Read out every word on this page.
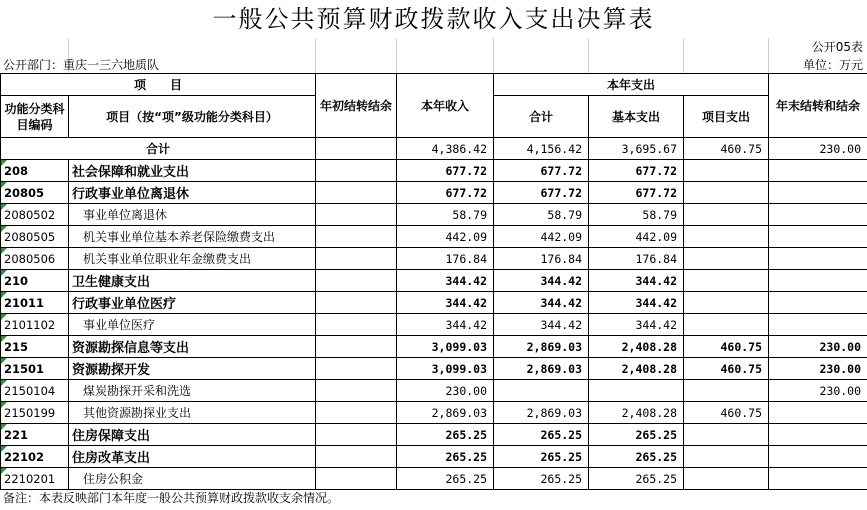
一般公共预算财政拨款收入支出决算表
公开05表
公开部门：重庆一三六地质队	单位：万元
项　　目		年初结转结余	本年收入	本年支出			年末结转和结余
功能分类科目编码	项目（按“项”级功能分类科目）			合计	基本支出	项目支出	
合计			4,386.42	4,156.42	3,695.67	460.75	230.00

208	社会保障和就业支出		677.72	677.72	677.72		

20805	行政事业单位离退休		677.72	677.72	677.72		

2080502	事业单位离退休		58.79	58.79	58.79		

2080505	机关事业单位基本养老保险缴费支出		442.09	442.09	442.09		

2080506	机关事业单位职业年金缴费支出		176.84	176.84	176.84		

210	卫生健康支出		344.42	344.42	344.42		

21011	行政事业单位医疗		344.42	344.42	344.42		

2101102	事业单位医疗		344.42	344.42	344.42		

215	资源勘探信息等支出		3,099.03	2,869.03	2,408.28	460.75	230.00

21501	资源勘探开发		3,099.03	2,869.03	2,408.28	460.75	230.00

2150104	煤炭勘探开采和洗选		230.00				230.00

2150199	其他资源勘探业支出		2,869.03	2,869.03	2,408.28	460.75	

221	住房保障支出		265.25	265.25	265.25		

22102	住房改革支出		265.25	265.25	265.25		

2210201	住房公积金		265.25	265.25	265.25		
备注：本表反映部门本年度一般公共预算财政拨款收支余情况。
